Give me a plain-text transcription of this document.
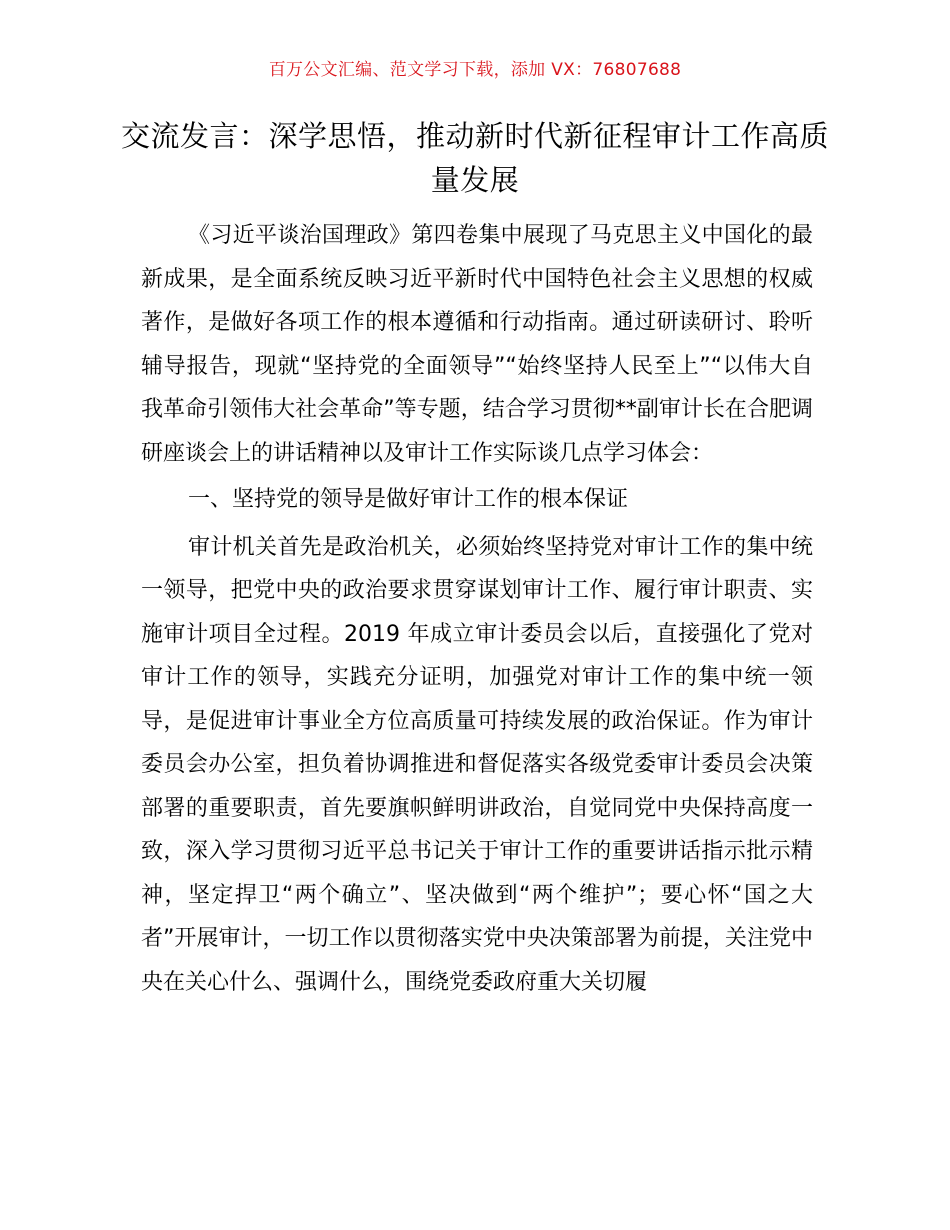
百万公文汇编、范文学习下载，添加 VX：76807688
交流发言：深学思悟，推动新时代新征程审计工作高质量发展

《习近平谈治国理政》第四卷集中展现了马克思主义中国化的最新成果，是全面系统反映习近平新时代中国特色社会主义思想的权威著作，是做好各项工作的根本遵循和行动指南。通过研读研讨、聆听辅导报告，现就“坚持党的全面领导”“始终坚持人民至上”“以伟大自我革命引领伟大社会革命”等专题，结合学习贯彻**副审计长在合肥调研座谈会上的讲话精神以及审计工作实际谈几点学习体会：

一、坚持党的领导是做好审计工作的根本保证

审计机关首先是政治机关，必须始终坚持党对审计工作的集中统一领导，把党中央的政治要求贯穿谋划审计工作、履行审计职责、实施审计项目全过程。2019 年成立审计委员会以后，直接强化了党对审计工作的领导，实践充分证明，加强党对审计工作的集中统一领导，是促进审计事业全方位高质量可持续发展的政治保证。作为审计委员会办公室，担负着协调推进和督促落实各级党委审计委员会决策部署的重要职责，首先要旗帜鲜明讲政治，自觉同党中央保持高度一致，深入学习贯彻习近平总书记关于审计工作的重要讲话指示批示精神，坚定捍卫“两个确立”、坚决做到“两个维护”；要心怀“国之大者”开展审计，一切工作以贯彻落实党中央决策部署为前提，关注党中央在关心什么、强调什么，围绕党委政府重大关切履
